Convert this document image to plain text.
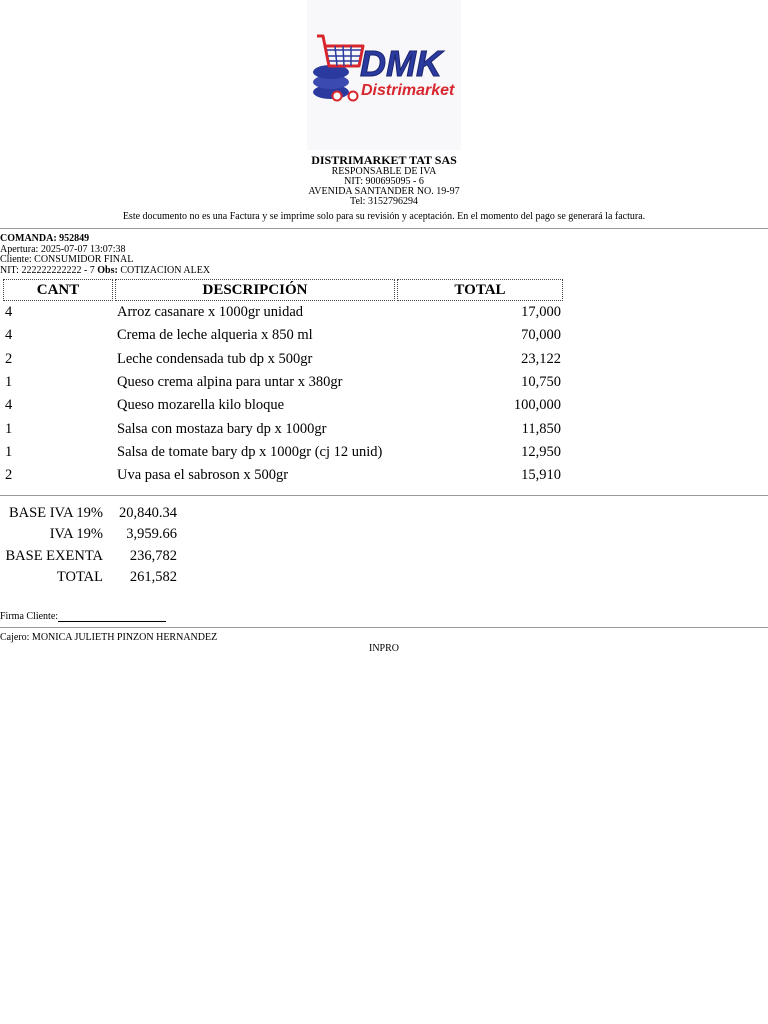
DMK
Distrimarket
DISTRIMARKET TAT SAS
RESPONSABLE DE IVA
NIT: 900695095 - 6
AVENIDA SANTANDER NO. 19-97
Tel: 3152796294
Este documento no es una Factura y se imprime solo para su revisión y aceptación. En el momento del pago se generará la factura.
COMANDA: 952849
Apertura: 2025-07-07 13:07:38
Cliente: CONSUMIDOR FINAL
NIT: 222222222222 - 7 Obs: COTIZACION ALEX
CANT	DESCRIPCIÓN	TOTAL
4	Arroz casanare x 1000gr unidad	17,000
4	Crema de leche alqueria x 850 ml	70,000
2	Leche condensada tub dp x 500gr	23,122
1	Queso crema alpina para untar x 380gr	10,750
4	Queso mozarella kilo bloque	100,000
1	Salsa con mostaza bary dp x 1000gr	11,850
1	Salsa de tomate bary dp x 1000gr (cj 12 unid)	12,950
2	Uva pasa el sabroson x 500gr	15,910
BASE IVA 19%	20,840.34
IVA 19%	3,959.66
BASE EXENTA	236,782
TOTAL	261,582
Firma Cliente:
Cajero: MONICA JULIETH PINZON HERNANDEZ
INPRO
